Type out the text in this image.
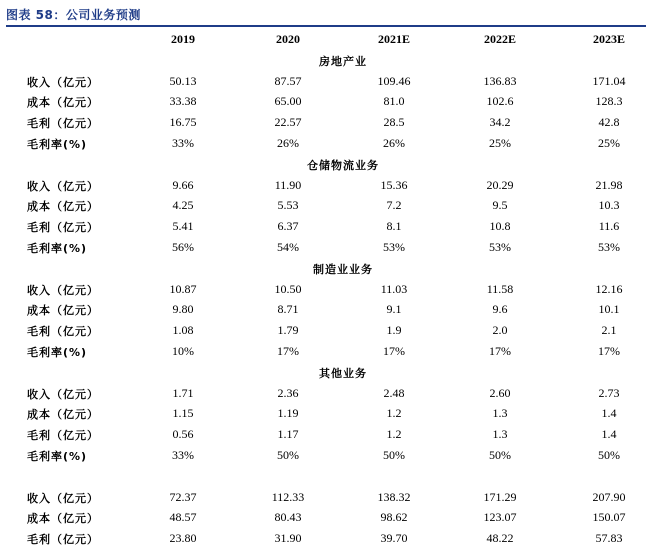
图表 58：公司业务预测
2019	2020	2021E	2022E	2023E
房地产业
收入（亿元）	50.13	87.57	109.46	136.83	171.04
成本（亿元）	33.38	65.00	81.0	102.6	128.3
毛利（亿元）	16.75	22.57	28.5	34.2	42.8
毛利率(%)	33%	26%	26%	25%	25%
仓储物流业务
收入（亿元）	9.66	11.90	15.36	20.29	21.98
成本（亿元）	4.25	5.53	7.2	9.5	10.3
毛利（亿元）	5.41	6.37	8.1	10.8	11.6
毛利率(%)	56%	54%	53%	53%	53%
制造业业务
收入（亿元）	10.87	10.50	11.03	11.58	12.16
成本（亿元）	9.80	8.71	9.1	9.6	10.1
毛利（亿元）	1.08	1.79	1.9	2.0	2.1
毛利率(%)	10%	17%	17%	17%	17%
其他业务
收入（亿元）	1.71	2.36	2.48	2.60	2.73
成本（亿元）	1.15	1.19	1.2	1.3	1.4
毛利（亿元）	0.56	1.17	1.2	1.3	1.4
毛利率(%)	33%	50%	50%	50%	50%
收入（亿元）	72.37	112.33	138.32	171.29	207.90
成本（亿元）	48.57	80.43	98.62	123.07	150.07
毛利（亿元）	23.80	31.90	39.70	48.22	57.83
